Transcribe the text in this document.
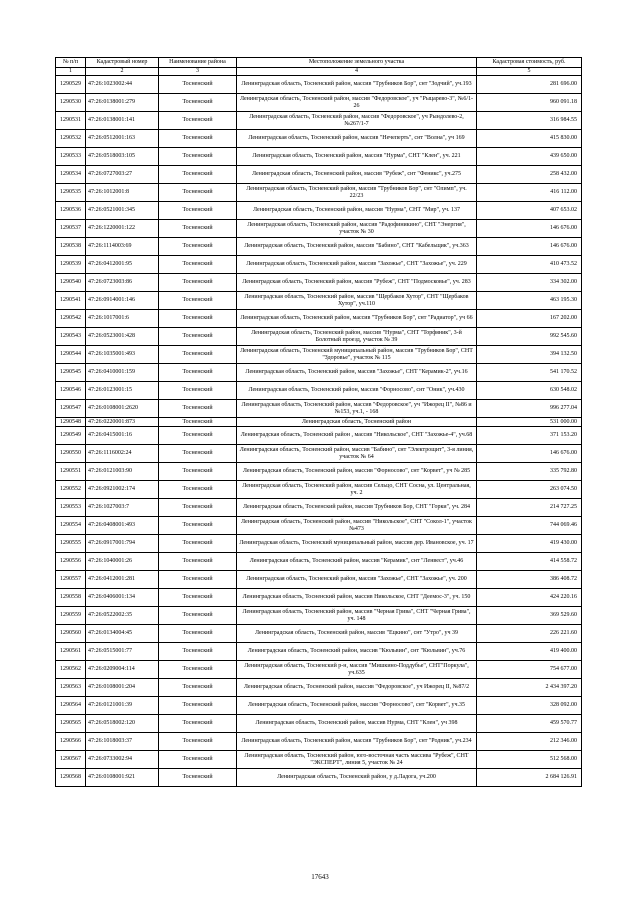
№ п/п	Кадастровый номер	Наименование района	Местоположение земельного участка	Кадастровая стоимость, руб.
1	2	3	4	5
1290529	47:26:1023002:44	Тосненский	Ленинградская область, Тосненский район, массив "Трубников Бор", снт "Зодчий", уч.193	281 696.00
1290530	47:26:0138001:279	Тосненский	Ленинградская область, Тосненский район, массив "Федоровское", уч "Рыцарево-3", №6/1-26	960 091.18
1290531	47:26:0138001:141	Тосненский	Ленинградская область, Тосненский район, массив "Федоровское", уч Рындолево-2, №267/1-7	316 984.55
1290532	47:26:0512001:163	Тосненский	Ленинградская область, Тосненский район, массив "Нечеперть", снт "Волна", уч 169	415 830.00
1290533	47:26:0518003:105	Тосненский	Ленинградская область, Тосненский район, массив "Нурма", СНТ "Клен", уч. 221	439 650.00
1290534	47:26:0727003:27	Тосненский	Ленинградская область, Тосненский район, массив "Рубеж", снт "Феникс", уч.275	258 432.00
1290535	47:26:1012001:8	Тосненский	Ленинградская область, Тосненский район, массив "Трубников Бор", снт "Олимп", уч. 22/23	416 112.00
1290536	47:26:0521001:345	Тосненский	Ленинградская область, Тосненский район, массив "Нурма", СНТ "Мир", уч. 137	407 653.02
1290537	47:26:1220001:122	Тосненский	Ленинградская область, Тосненский район, массив "Радофиникино", СНТ "Энергия", участок № 30	146 676.00
1290538	47:26:1114003:69	Тосненский	Ленинградская область, Тосненский район, массив "Бабино", СНТ "Кабельщик", уч.363	146 676.00
1290539	47:26:0412001:95	Тосненский	Ленинградская область, Тосненский район, массив "Захожье", СНТ "Захожье", уч. 229	410 473.52
1290540	47:26:0723003:86	Тосненский	Ленинградская область, Тосненский район, массив "Рубеж", СНТ "Подмосковье", уч. 283	334 302.00
1290541	47:26:0914001:146	Тосненский	Ленинградская область, Тосненский район, массив "Щербаков Хутор", СНТ "Щербаков Хутор", уч.110	463 195.30
1290542	47:26:1017001:6	Тосненский	Ленинградская область, Тосненский район, массив "Трубников Бор", снт "Радиатор", уч 66	167 202.00
1290543	47:26:0523001:428	Тосненский	Ленинградская область, Тосненский район, массив "Нурма", СНТ "Торфяник", 3-й Болотный проезд, участок № 39	992 545.60
1290544	47:26:1035001:493	Тосненский	Ленинградская область, Тосненский муниципальный район, массив "Трубников Бор", СНТ "Здоровье", участок № 115	394 132.50
1290545	47:26:0410001:159	Тосненский	Ленинградская область, Тосненский район, массив "Захожье", СНТ "Керамик-2", уч.16	541 170.52
1290546	47:26:0123001:15	Тосненский	Ленинградская область, Тосненский район, массив "Форносово", снт "Оник", уч.430	630 548.02
1290547	47:26:0108001:2620	Тосненский	Ленинградская область, Тосненский район, массив "Федоровское", уч "Ижорец II", №86 и №153, уч.1, - 168	996 277.04
1290548	47:26:0220001:873	Тосненский	Ленинградская область, Тосненский район	531 000.00
1290549	47:26:0415001:16	Тосненский	Ленинградская область, Тосненский район , массив "Никольское", СНТ "Захожье-4", уч.68	371 153.20
1290550	47:26:1116002:24	Тосненский	Ленинградская область, Тосненский район, массив "Бабино", снт "Электрощит", 3-я линия, участок № 64	146 676.00
1290551	47:26:0121003:90	Тосненский	Ленинградская область, Тосненский район, массив "Форносово", снт "Корвет", уч № 285	335 792.80
1290552	47:26:0921002:174	Тосненский	Ленинградская область, Тосненский район, массив Сельцо, СНТ Сосна, ул. Центральная, уч. 2	263 074.50
1290553	47:26:1027003:7	Тосненский	Ленинградская область, Тосненский район, массив Трубников Бор, СНТ "Горки", уч. 284	214 727.25
1290554	47:26:0408001:493	Тосненский	Ленинградская область, Тосненский район, массив "Никольское", СНТ "Сокол-1", участок №473	744 069.46
1290555	47:26:0917001:794	Тосненский	Ленинградская область, Тосненский муниципальный район, массив дер. Ивановское, уч. 17	419 430.00
1290556	47:26:1040001:26	Тосненский	Ленинградская область, Тосненский район, массив "Керамик", снт "Ленвест", уч.46	414 558.72
1290557	47:26:0412001:281	Тосненский	Ленинградская область, Тосненский район, массив "Захожье", СНТ "Захожье", уч. 200	386 408.72
1290558	47:26:0406001:134	Тосненский	Ленинградская область, Тосненский район, массив Никольское, СНТ "Деемос-3", уч. 150	424 220.16
1290559	47:26:0522002:35	Тосненский	Ленинградская область, Тосненский район, массив "Черная Грива", СНТ "Черная Грива", уч. 148	369 529.60
1290560	47:26:0134004:45	Тосненский	Ленинградская область, Тосненский район, массив "Ецкино", снт "Утро", уч 39	226 221.60
1290561	47:26:0515001:77	Тосненский	Ленинградская область, Тосненский район, массив "Кюльвин", снт "Кюльвин", уч.76	419 400.00
1290562	47:26:0209004:114	Тосненский	Ленинградская область, Тосненский р-н, массив "Мишкино-Поддубье", СНТ"Поркула", уч.635	754 677.00
1290563	47:26:0108001:204	Тосненский	Ленинградская область, Тосненский район, массив "Федоровское", уч Ижорец II, №87/2	2 434 397.20
1290564	47:26:0121001:39	Тосненский	Ленинградская область, Тосненский район, массив "Форносово", снт "Корвет", уч.35	328 092.00
1290565	47:26:0518002:120	Тосненский	Ленинградская область, Тосненский район, массив Нурма, СНТ "Клен", уч 398	459 570.77
1290566	47:26:1018003:37	Тосненский	Ленинградская область, Тосненский район, массив "Трубников Бор", снт "Родник", уч.234	212 346.00
1290567	47:26:0733002:94	Тосненский	Ленинградская область, Тосненский район, юго-восточная часть массива "Рубеж", СНТ "ЭКСПЕРТ", линия 5, участок № 24	512 568.00
1290568	47:26:0108001:921	Тосненский	Ленинградская область, Тосненский район, у д.Ладога, уч.200	2 684 126.91
17643
